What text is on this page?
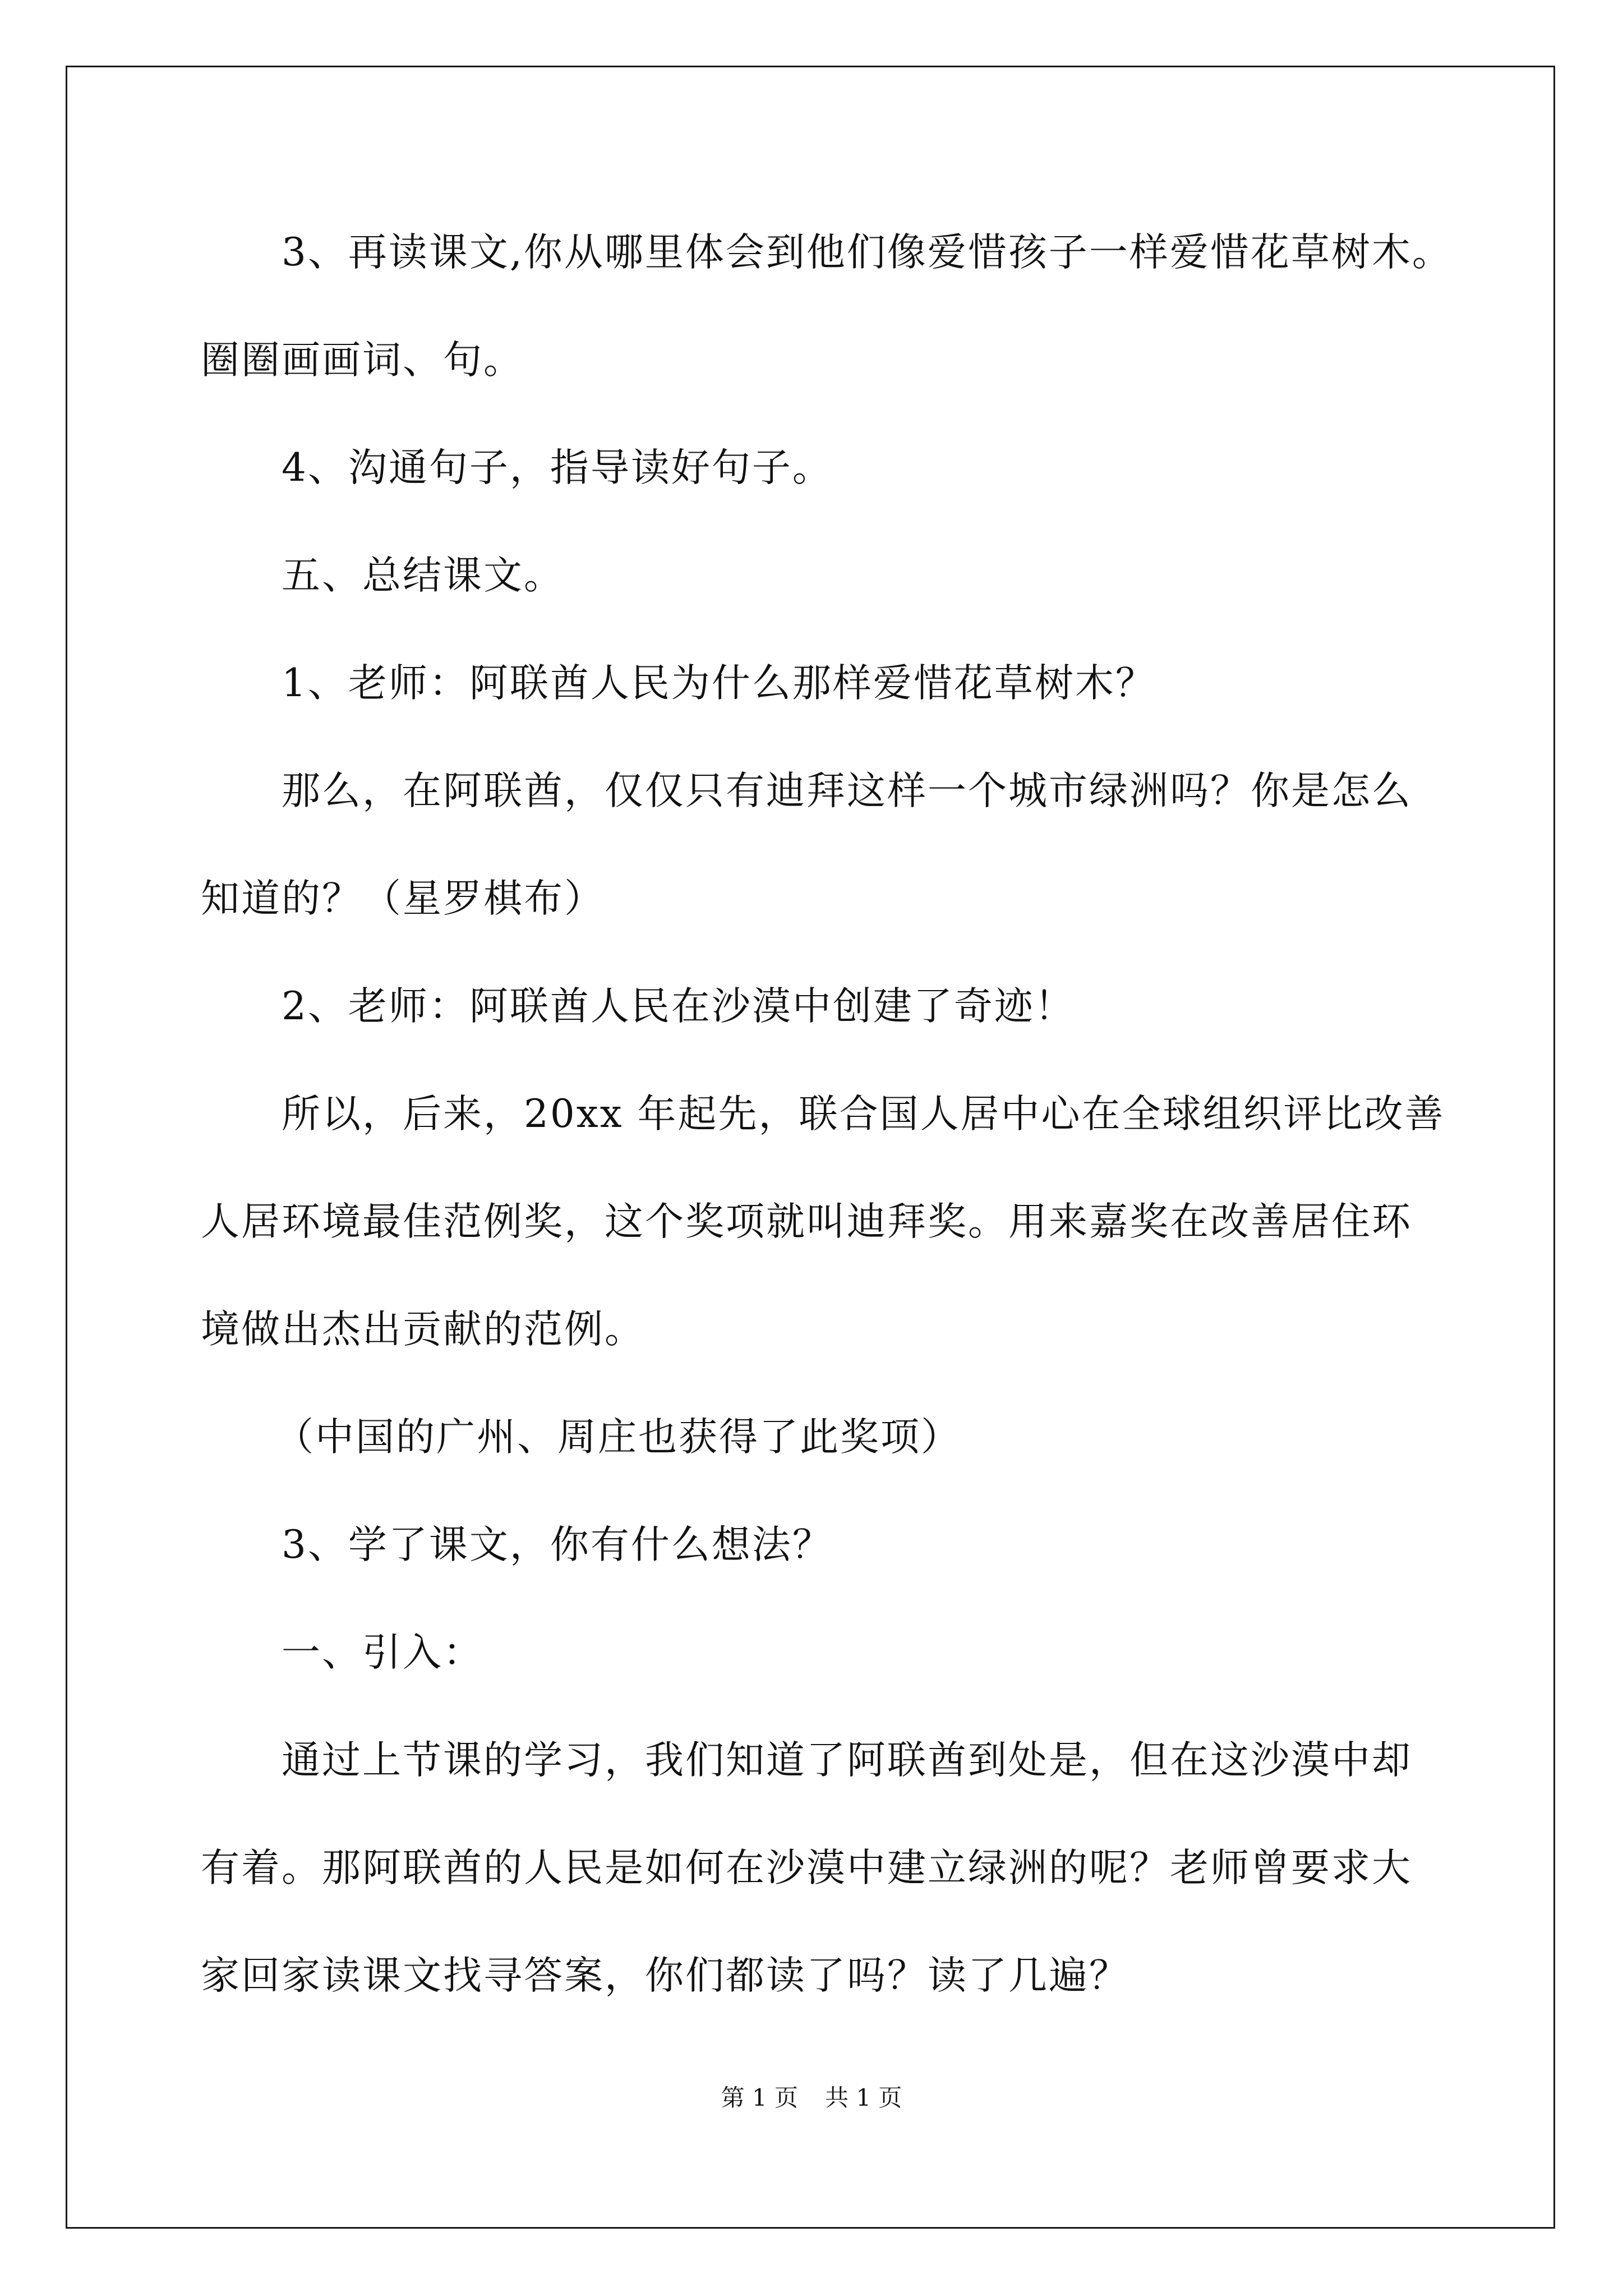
3、再读课文,你从哪里体会到他们像爱惜孩子一样爱惜花草树木。
圈圈画画词、句。
4、沟通句子，指导读好句子。
五、总结课文。
1、老师：阿联酋人民为什么那样爱惜花草树木？
那么，在阿联酋，仅仅只有迪拜这样一个城市绿洲吗？你是怎么
知道的？（星罗棋布）
2、老师：阿联酋人民在沙漠中创建了奇迹！
所以，后来，20xx 年起先，联合国人居中心在全球组织评比改善
人居环境最佳范例奖，这个奖项就叫迪拜奖。用来嘉奖在改善居住环
境做出杰出贡献的范例。
（中国的广州、周庄也获得了此奖项）
3、学了课文，你有什么想法？
一、引入：
通过上节课的学习，我们知道了阿联酋到处是，但在这沙漠中却
有着。那阿联酋的人民是如何在沙漠中建立绿洲的呢？老师曾要求大
家回家读课文找寻答案，你们都读了吗？读了几遍？
第 1 页 共 1 页
